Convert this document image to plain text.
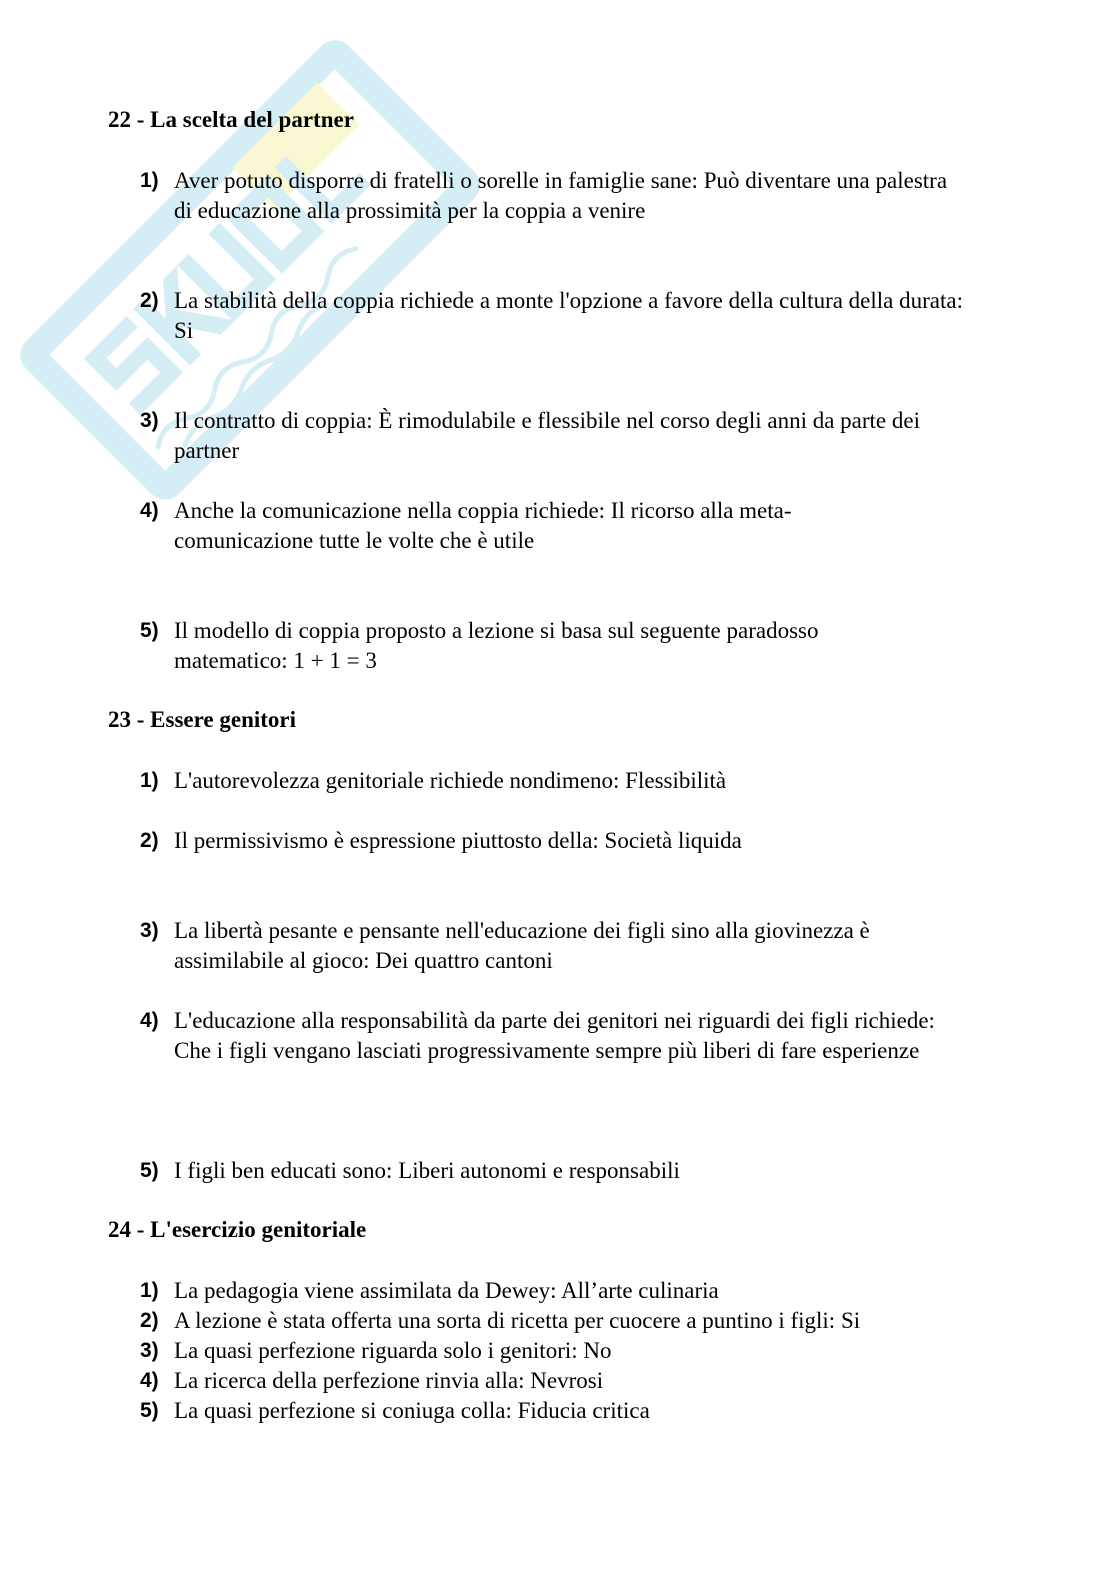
22 - La scelta del partner
1) Aver potuto disporre di fratelli o sorelle in famiglie sane: Può diventare una palestra di educazione alla prossimità per la coppia a venire
2) La stabilità della coppia richiede a monte l'opzione a favore della cultura della durata: Si
3) Il contratto di coppia: È rimodulabile e flessibile nel corso degli anni da parte dei partner
4) Anche la comunicazione nella coppia richiede: Il ricorso alla meta- comunicazione tutte le volte che è utile
5) Il modello di coppia proposto a lezione si basa sul seguente paradosso matematico: 1 + 1 = 3
23 - Essere genitori
1) L'autorevolezza genitoriale richiede nondimeno: Flessibilità
2) Il permissivismo è espressione piuttosto della: Società liquida
3) La libertà pesante e pensante nell'educazione dei figli sino alla giovinezza è assimilabile al gioco: Dei quattro cantoni
4) L'educazione alla responsabilità da parte dei genitori nei riguardi dei figli richiede: Che i figli vengano lasciati progressivamente sempre più liberi di fare esperienze
5) I figli ben educati sono: Liberi autonomi e responsabili
24 - L'esercizio genitoriale
1) La pedagogia viene assimilata da Dewey: All’arte culinaria
2) A lezione è stata offerta una sorta di ricetta per cuocere a puntino i figli: Si
3) La quasi perfezione riguarda solo i genitori: No
4) La ricerca della perfezione rinvia alla: Nevrosi
5) La quasi perfezione si coniuga colla: Fiducia critica
